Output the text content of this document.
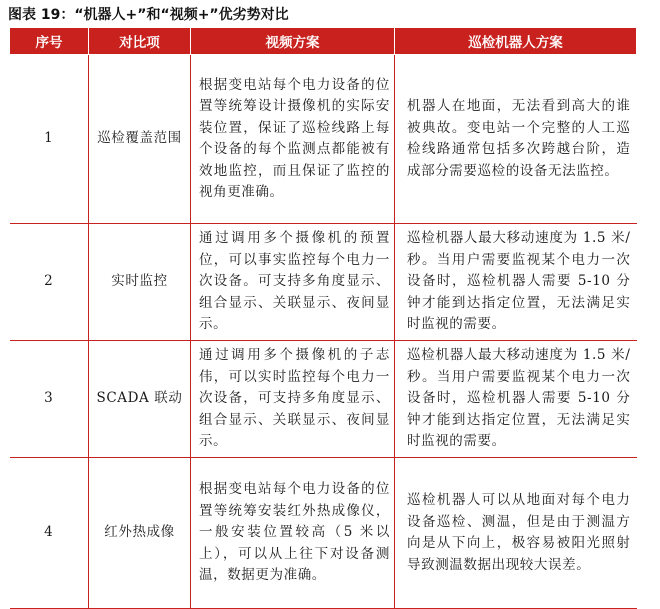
图表 19：“机器人+”和“视频+”优劣势对比
序号	对比项	视频方案	巡检机器人方案
1	巡检覆盖范围	根据变电站每个电力设备的位置等统筹设计摄像机的实际安装位置，保证了巡检线路上每个设备的每个监测点都能被有效地监控，而且保证了监控的视角更准确。	机器人在地面，无法看到高大的谁被典故。变电站一个完整的人工巡检线路通常包括多次跨越台阶，造成部分需要巡检的设备无法监控。
2	实时监控	通过调用多个摄像机的预置位，可以事实监控每个电力一次设备。可支持多角度显示、组合显示、关联显示、夜间显示。	巡检机器人最大移动速度为 1.5 米/秒。当用户需要监视某个电力一次设备时，巡检机器人需要 5-10 分钟才能到达指定位置，无法满足实时监视的需要。
3	SCADA 联动	通过调用多个摄像机的子志伟，可以实时监控每个电力一次设备，可支持多角度显示、组合显示、关联显示、夜间显示。	巡检机器人最大移动速度为 1.5 米/秒。当用户需要监视某个电力一次设备时，巡检机器人需要 5-10 分钟才能到达指定位置，无法满足实时监视的需要。
4	红外热成像	根据变电站每个电力设备的位置等统筹安装红外热成像仪，一般安装位置较高（5 米以上），可以从上往下对设备测温，数据更为准确。	巡检机器人可以从地面对每个电力设备巡检、测温，但是由于测温方向是从下向上，极容易被阳光照射导致测温数据出现较大误差。
